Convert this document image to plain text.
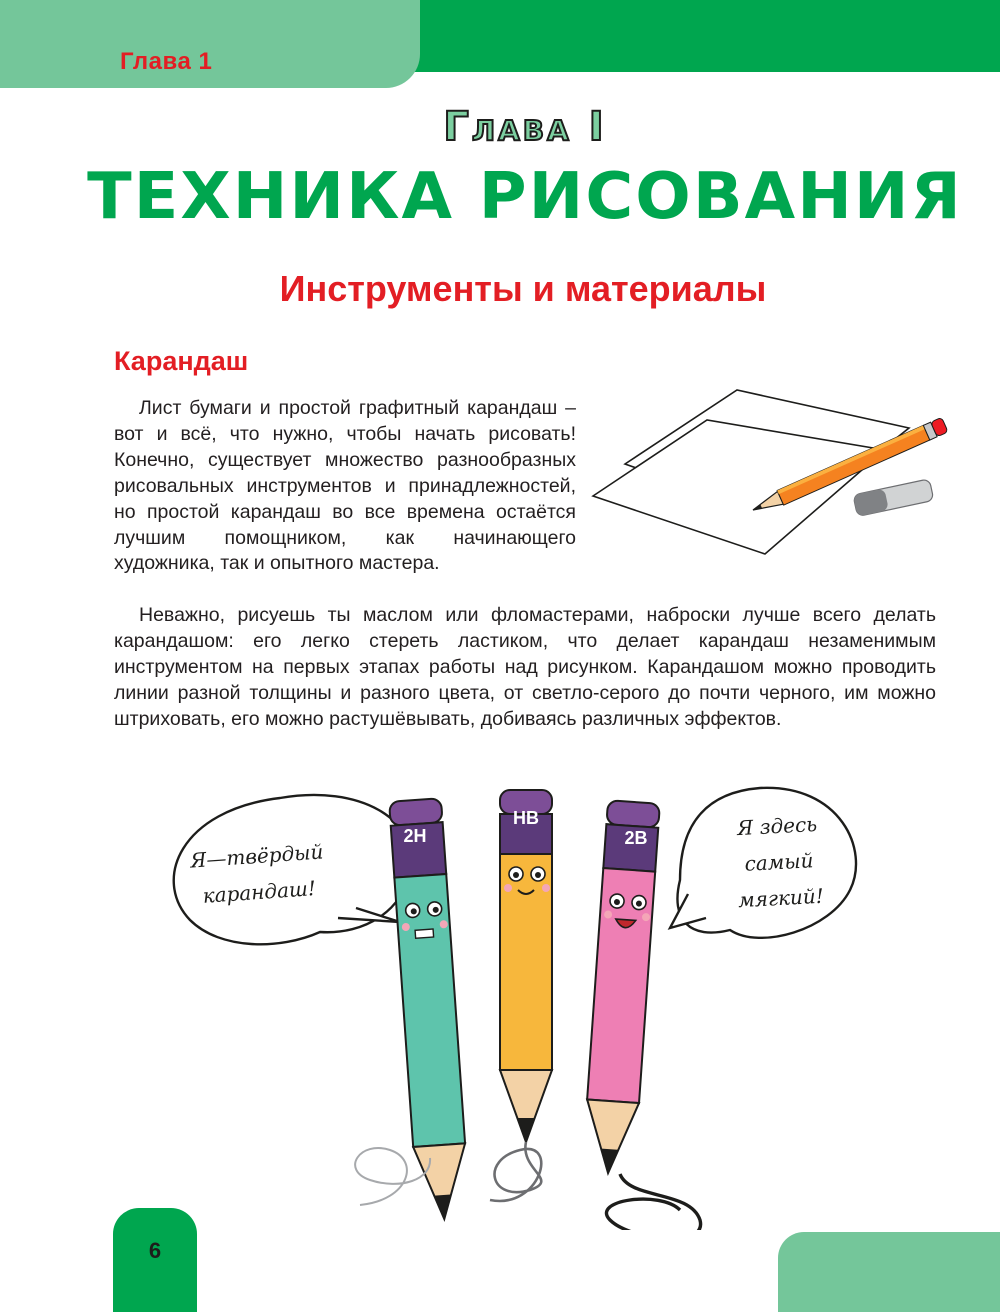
Глава 1
Глава I
ТЕХНИКА РИСОВАНИЯ
Инструменты и материалы
Карандаш
Лист бумаги и простой графитный карандаш – вот и всё, что нужно, чтобы начать рисовать! Конечно, существует множество разнообразных рисовальных инструментов и принадлежностей, но простой карандаш во все времена остаётся лучшим помощником, как начинающего художника, так и опытного мастера.
Неважно, рисуешь ты маслом или фломастерами, наброски лучше всего делать карандашом: его легко стереть ластиком, что делает карандаш незаменимым инструментом на первых этапах работы над рисунком. Карандашом можно проводить линии разной толщины и разного цвета, от светло-серого до почти черного, им можно штриховать, его можно растушёвывать, добиваясь различных эффектов.
2H
HB
2B
Я—твёрдый
карандаш!
Я здесь
самый
мягкий!
6
